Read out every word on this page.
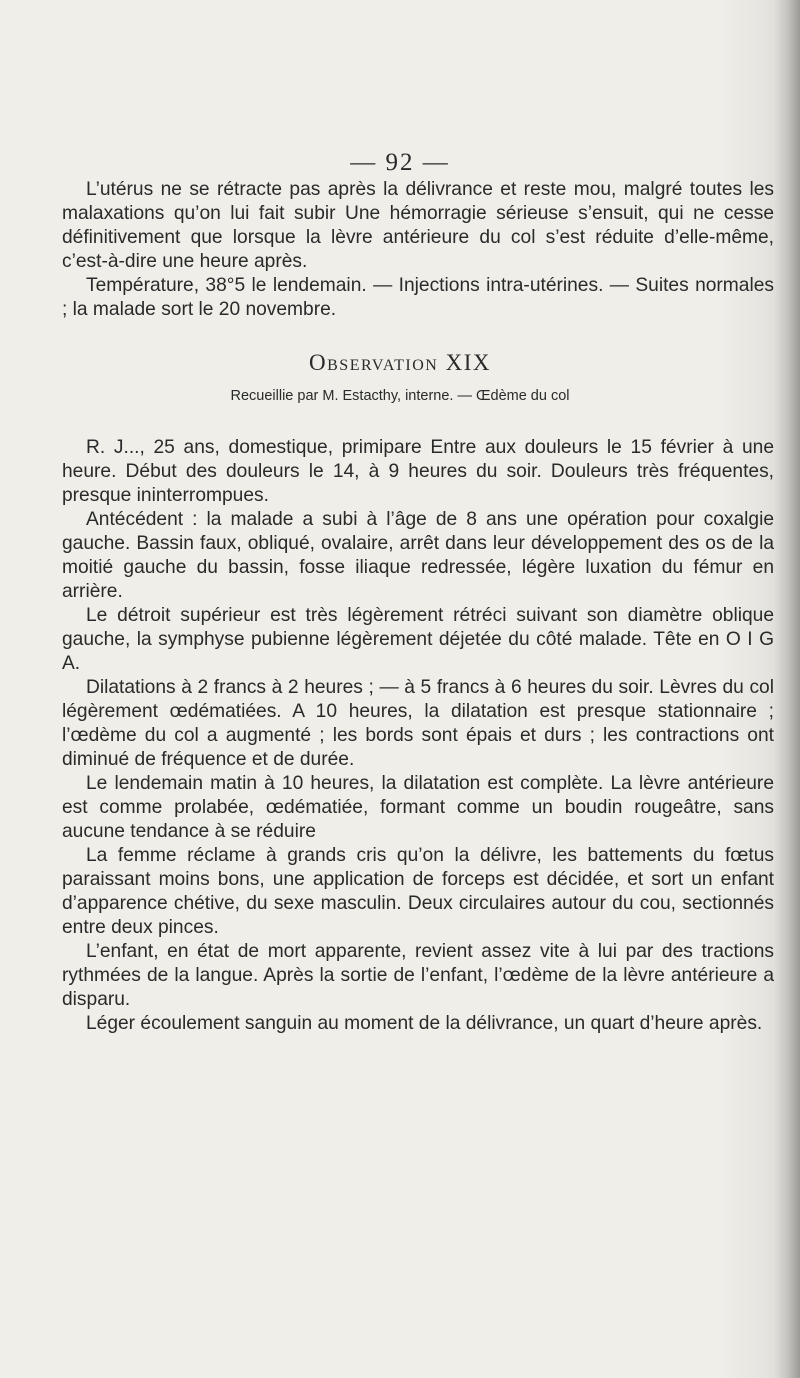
— 92 —

L’utérus ne se rétracte pas après la délivrance et reste mou, malgré toutes les malaxations qu’on lui fait subir Une hémorragie sérieuse s’ensuit, qui ne cesse définitivement que lorsque la lèvre antérieure du col s’est réduite d’elle-même, c’est-à-dire une heure après.

Température, 38°5 le lendemain. — Injections intra-utérines. — Suites normales ; la malade sort le 20 novembre.

Observation XIX
Recueillie par M. Estacthy, interne. — Œdème du col

R. J..., 25 ans, domestique, primipare Entre aux douleurs le 15 février à une heure. Début des douleurs le 14, à 9 heures du soir. Douleurs très fréquentes, presque ininterrompues.

Antécédent : la malade a subi à l’âge de 8 ans une opération pour coxalgie gauche. Bassin faux, obliqué, ovalaire, arrêt dans leur développement des os de la moitié gauche du bassin, fosse iliaque redressée, légère luxation du fémur en arrière.

Le détroit supérieur est très légèrement rétréci suivant son diamètre oblique gauche, la symphyse pubienne légèrement déjetée du côté malade. Tête en O I G A.

Dilatations à 2 francs à 2 heures ; — à 5 francs à 6 heures du soir. Lèvres du col légèrement œdématiées. A 10 heures, la dilatation est presque stationnaire ; l’œdème du col a augmenté ; les bords sont épais et durs ; les contractions ont diminué de fréquence et de durée.

Le lendemain matin à 10 heures, la dilatation est complète. La lèvre antérieure est comme prolabée, œdématiée, formant comme un boudin rougeâtre, sans aucune tendance à se réduire

La femme réclame à grands cris qu’on la délivre, les battements du fœtus paraissant moins bons, une application de forceps est décidée, et sort un enfant d’apparence chétive, du sexe masculin. Deux circulaires autour du cou, sectionnés entre deux pinces.

L’enfant, en état de mort apparente, revient assez vite à lui par des tractions rythmées de la langue. Après la sortie de l’enfant, l’œdème de la lèvre antérieure a disparu.

Léger écoulement sanguin au moment de la délivrance, un quart d’heure après.
